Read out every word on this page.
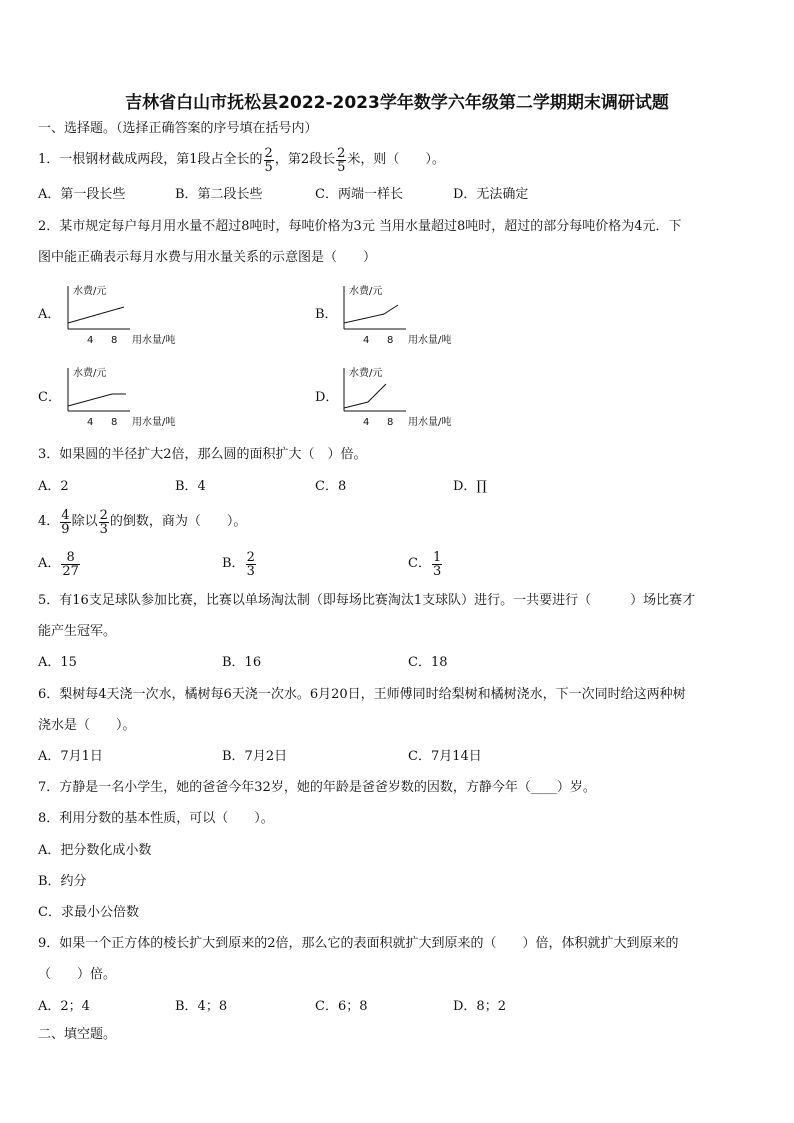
吉林省白山市抚松县2022-2023学年数学六年级第二学期期末调研试题
一、选择题。（选择正确答案的序号填在括号内）
1．一根钢材截成两段，第1段占全长的 $\frac{2}{5}$ ，第2段长 $\frac{2}{5}$ 米，则（　　）。
A．第一段长些	B．第二段长些	C．两端一样长	D．无法确定
2．某市规定每户每月用水量不超过8吨时，每吨价格为3元 当用水量超过8吨时，超过的部分每吨价格为4元．下
图中能正确表示每月水费与用水量关系的示意图是（　　）
A．
水费/元
4 8 用水量/吨
B．
水费/元
4 8 用水量/吨
C．
水费/元
4 8 用水量/吨
D．
水费/元
4 8 用水量/吨
3．如果圆的半径扩大2倍，那么圆的面积扩大（　）倍。
A．2	B．4	C．8	D．∏
4． $\frac{4}{9}$ 除以 $\frac{2}{3}$ 的倒数，商为（　　）。
A． $\frac{8}{27}$	B． $\frac{2}{3}$	C． $\frac{1}{3}$
5．有16支足球队参加比赛，比赛以单场淘汰制（即每场比赛淘汰1支球队）进行。一共要进行（　　　）场比赛才
能产生冠军。
A．15	B．16	C．18
6．梨树每4天浇一次水，橘树每6天浇一次水。6月20日，王师傅同时给梨树和橘树浇水，下一次同时给这两种树
浇水是（　　）。
A．7月1日	B．7月2日	C．7月14日
7．方静是一名小学生，她的爸爸今年32岁，她的年龄是爸爸岁数的因数，方静今年（____）岁。
8．利用分数的基本性质，可以（　　）。
A．把分数化成小数
B．约分
C．求最小公倍数
9．如果一个正方体的棱长扩大到原来的2倍，那么它的表面积就扩大到原来的（　　）倍，体积就扩大到原来的
（　　）倍。
A．2；4	B．4；8	C．6；8	D．8；2
二、填空题。
